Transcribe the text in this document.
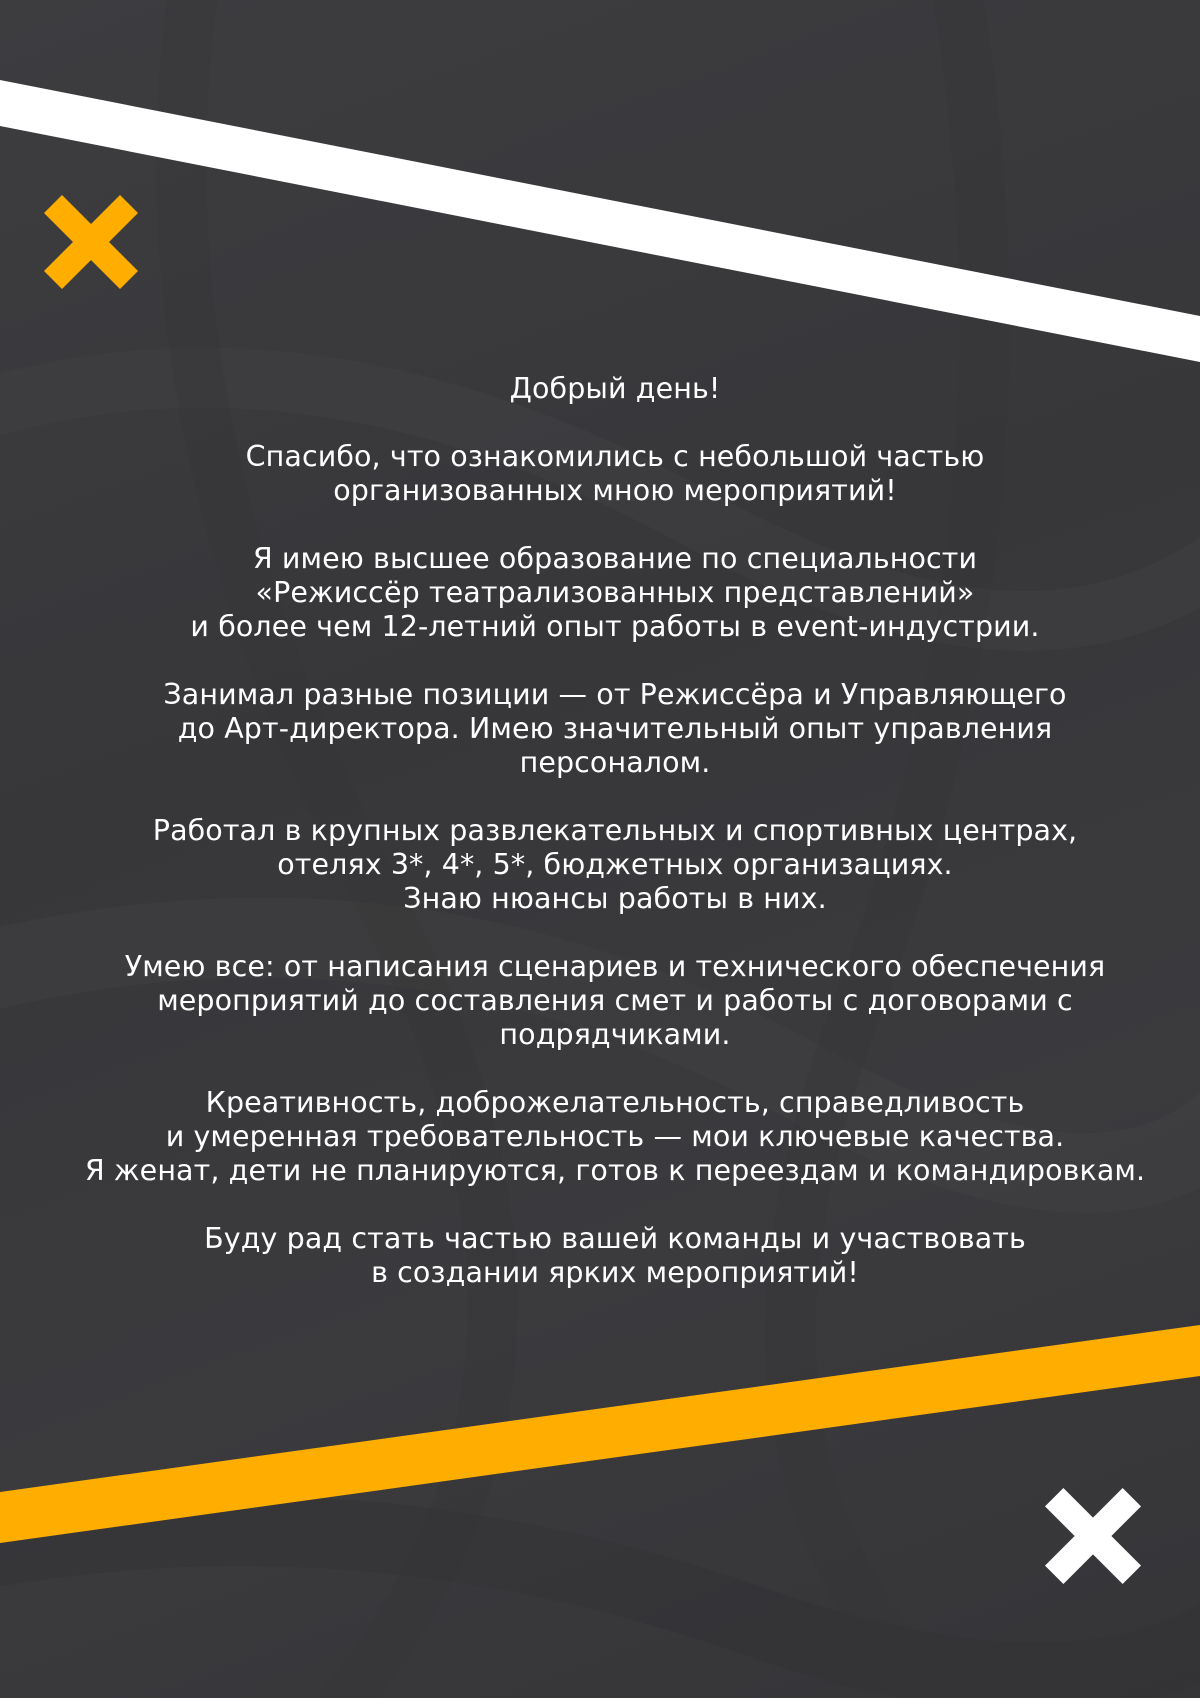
Добрый день!

Спасибо, что ознакомились с небольшой частью
организованных мною мероприятий!

Я имею высшее образование по специальности
«Режиссёр театрализованных представлений»
и более чем 12-летний опыт работы в event-индустрии.

Занимал разные позиции — от Режиссёра и Управляющего
до Арт-директора. Имею значительный опыт управления
персоналом.

Работал в крупных развлекательных и спортивных центрах,
отелях 3*, 4*, 5*, бюджетных организациях.
Знаю нюансы работы в них.

Умею все: от написания сценариев и технического обеспечения
мероприятий до составления смет и работы с договорами с
подрядчиками.

Креативность, доброжелательность, справедливость
и умеренная требовательность — мои ключевые качества.
Я женат, дети не планируются, готов к переездам и командировкам.

Буду рад стать частью вашей команды и участвовать
в создании ярких мероприятий!
